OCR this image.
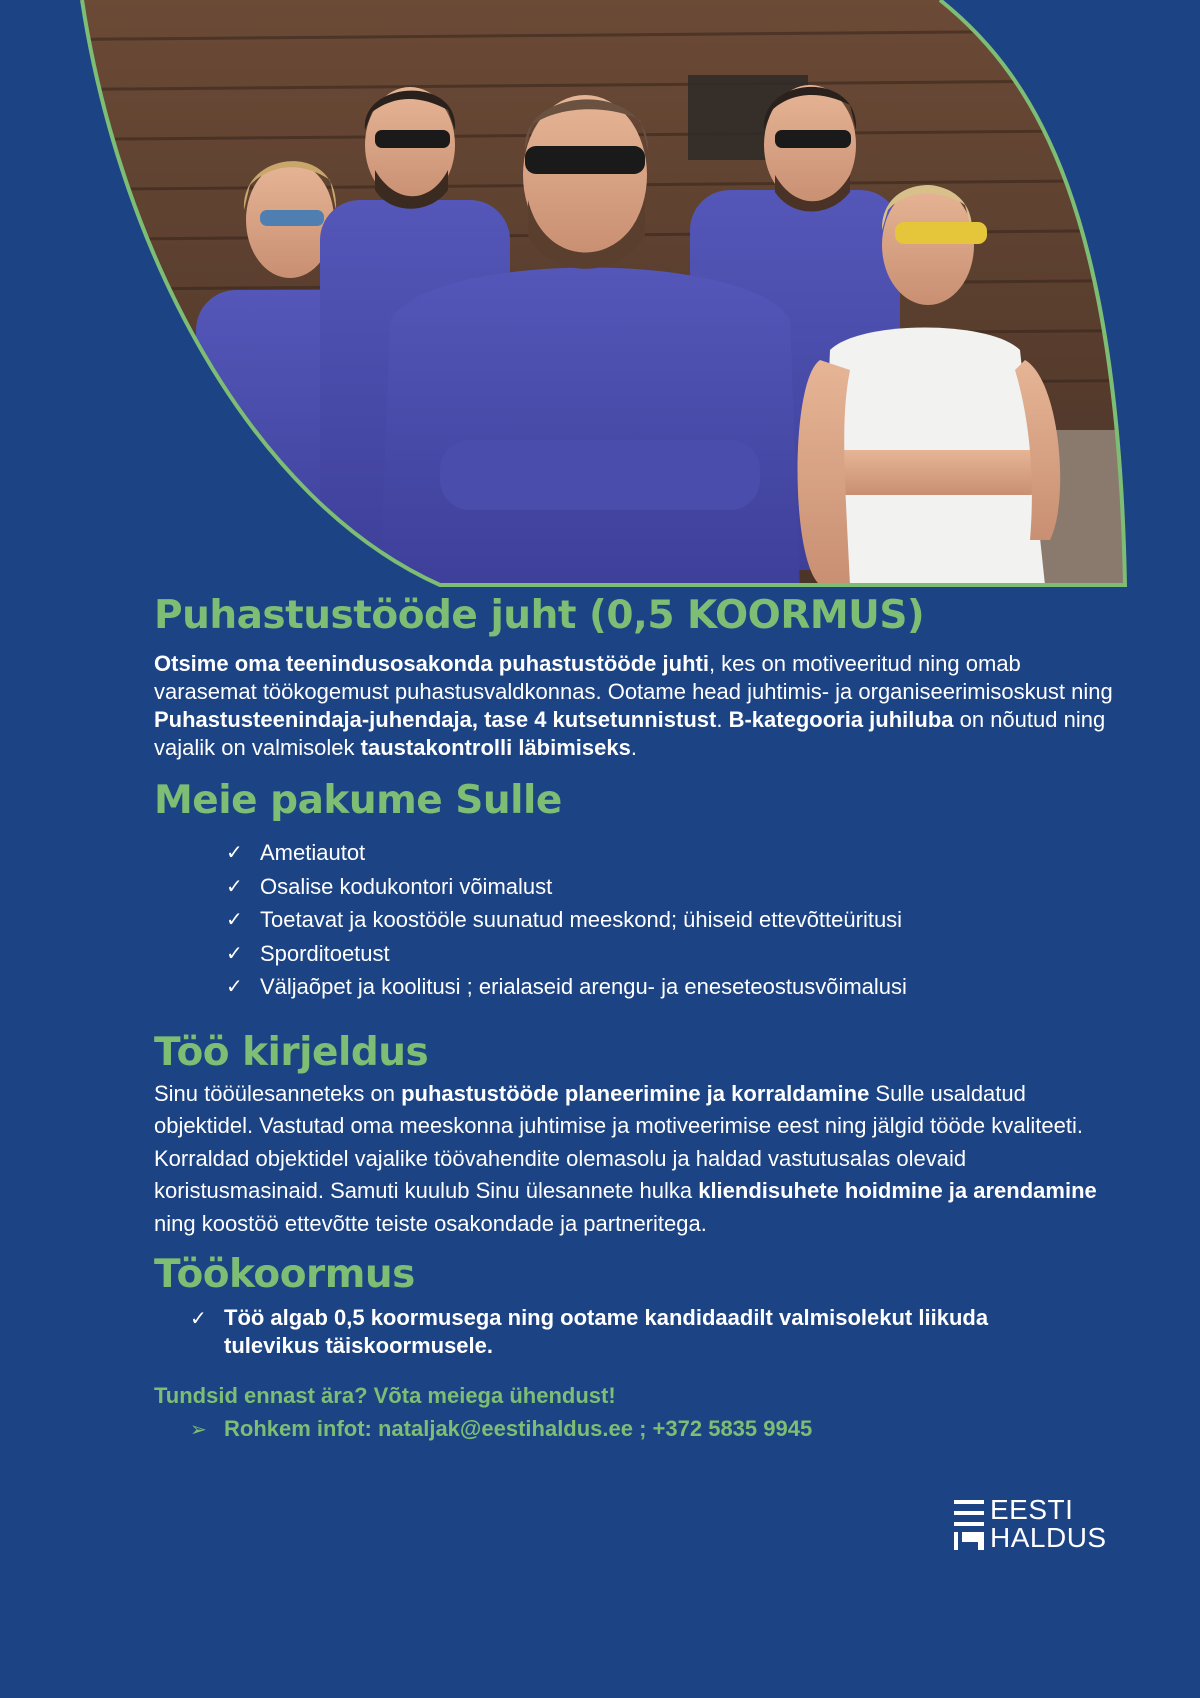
Puhastustööde juht (0,5 KOORMUS)

Otsime oma teenindusosakonda puhastustööde juhti, kes on motiveeritud ning omab varasemat töökogemust puhastusvaldkonnas. Ootame head juhtimis- ja organiseerimisoskust ning Puhastusteenindaja-juhendaja, tase 4 kutsetunnistust. B-kategooria juhiluba on nõutud ning vajalik on valmisolek taustakontrolli läbimiseks.

Meie pakume Sulle
✓ Ametiautot
✓ Osalise kodukontori võimalust
✓ Toetavat ja koostööle suunatud meeskond; ühiseid ettevõtteüritusi
✓ Sporditoetust
✓ Väljaõpet ja koolitusi ; erialaseid arengu- ja eneseteostusvõimalusi
Töö kirjeldus

Sinu tööülesanneteks on puhastustööde planeerimine ja korraldamine Sulle usaldatud objektidel. Vastutad oma meeskonna juhtimise ja motiveerimise eest ning jälgid tööde kvaliteeti. Korraldad objektidel vajalike töövahendite olemasolu ja haldad vastutusalas olevaid koristusmasinaid. Samuti kuulub Sinu ülesannete hulka kliendisuhete hoidmine ja arendamine ning koostöö ettevõtte teiste osakondade ja partneritega.

Töökoormus
✓ Töö algab 0,5 koormusega ning ootame kandidaadilt valmisolekut liikuda tulevikus täiskoormusele.

Tundsid ennast ära? Võta meiega ühendust!

➢ Rohkem infot: nataljak@eestihaldus.ee ; +372 5835 9945

EESTI
HALDUS
